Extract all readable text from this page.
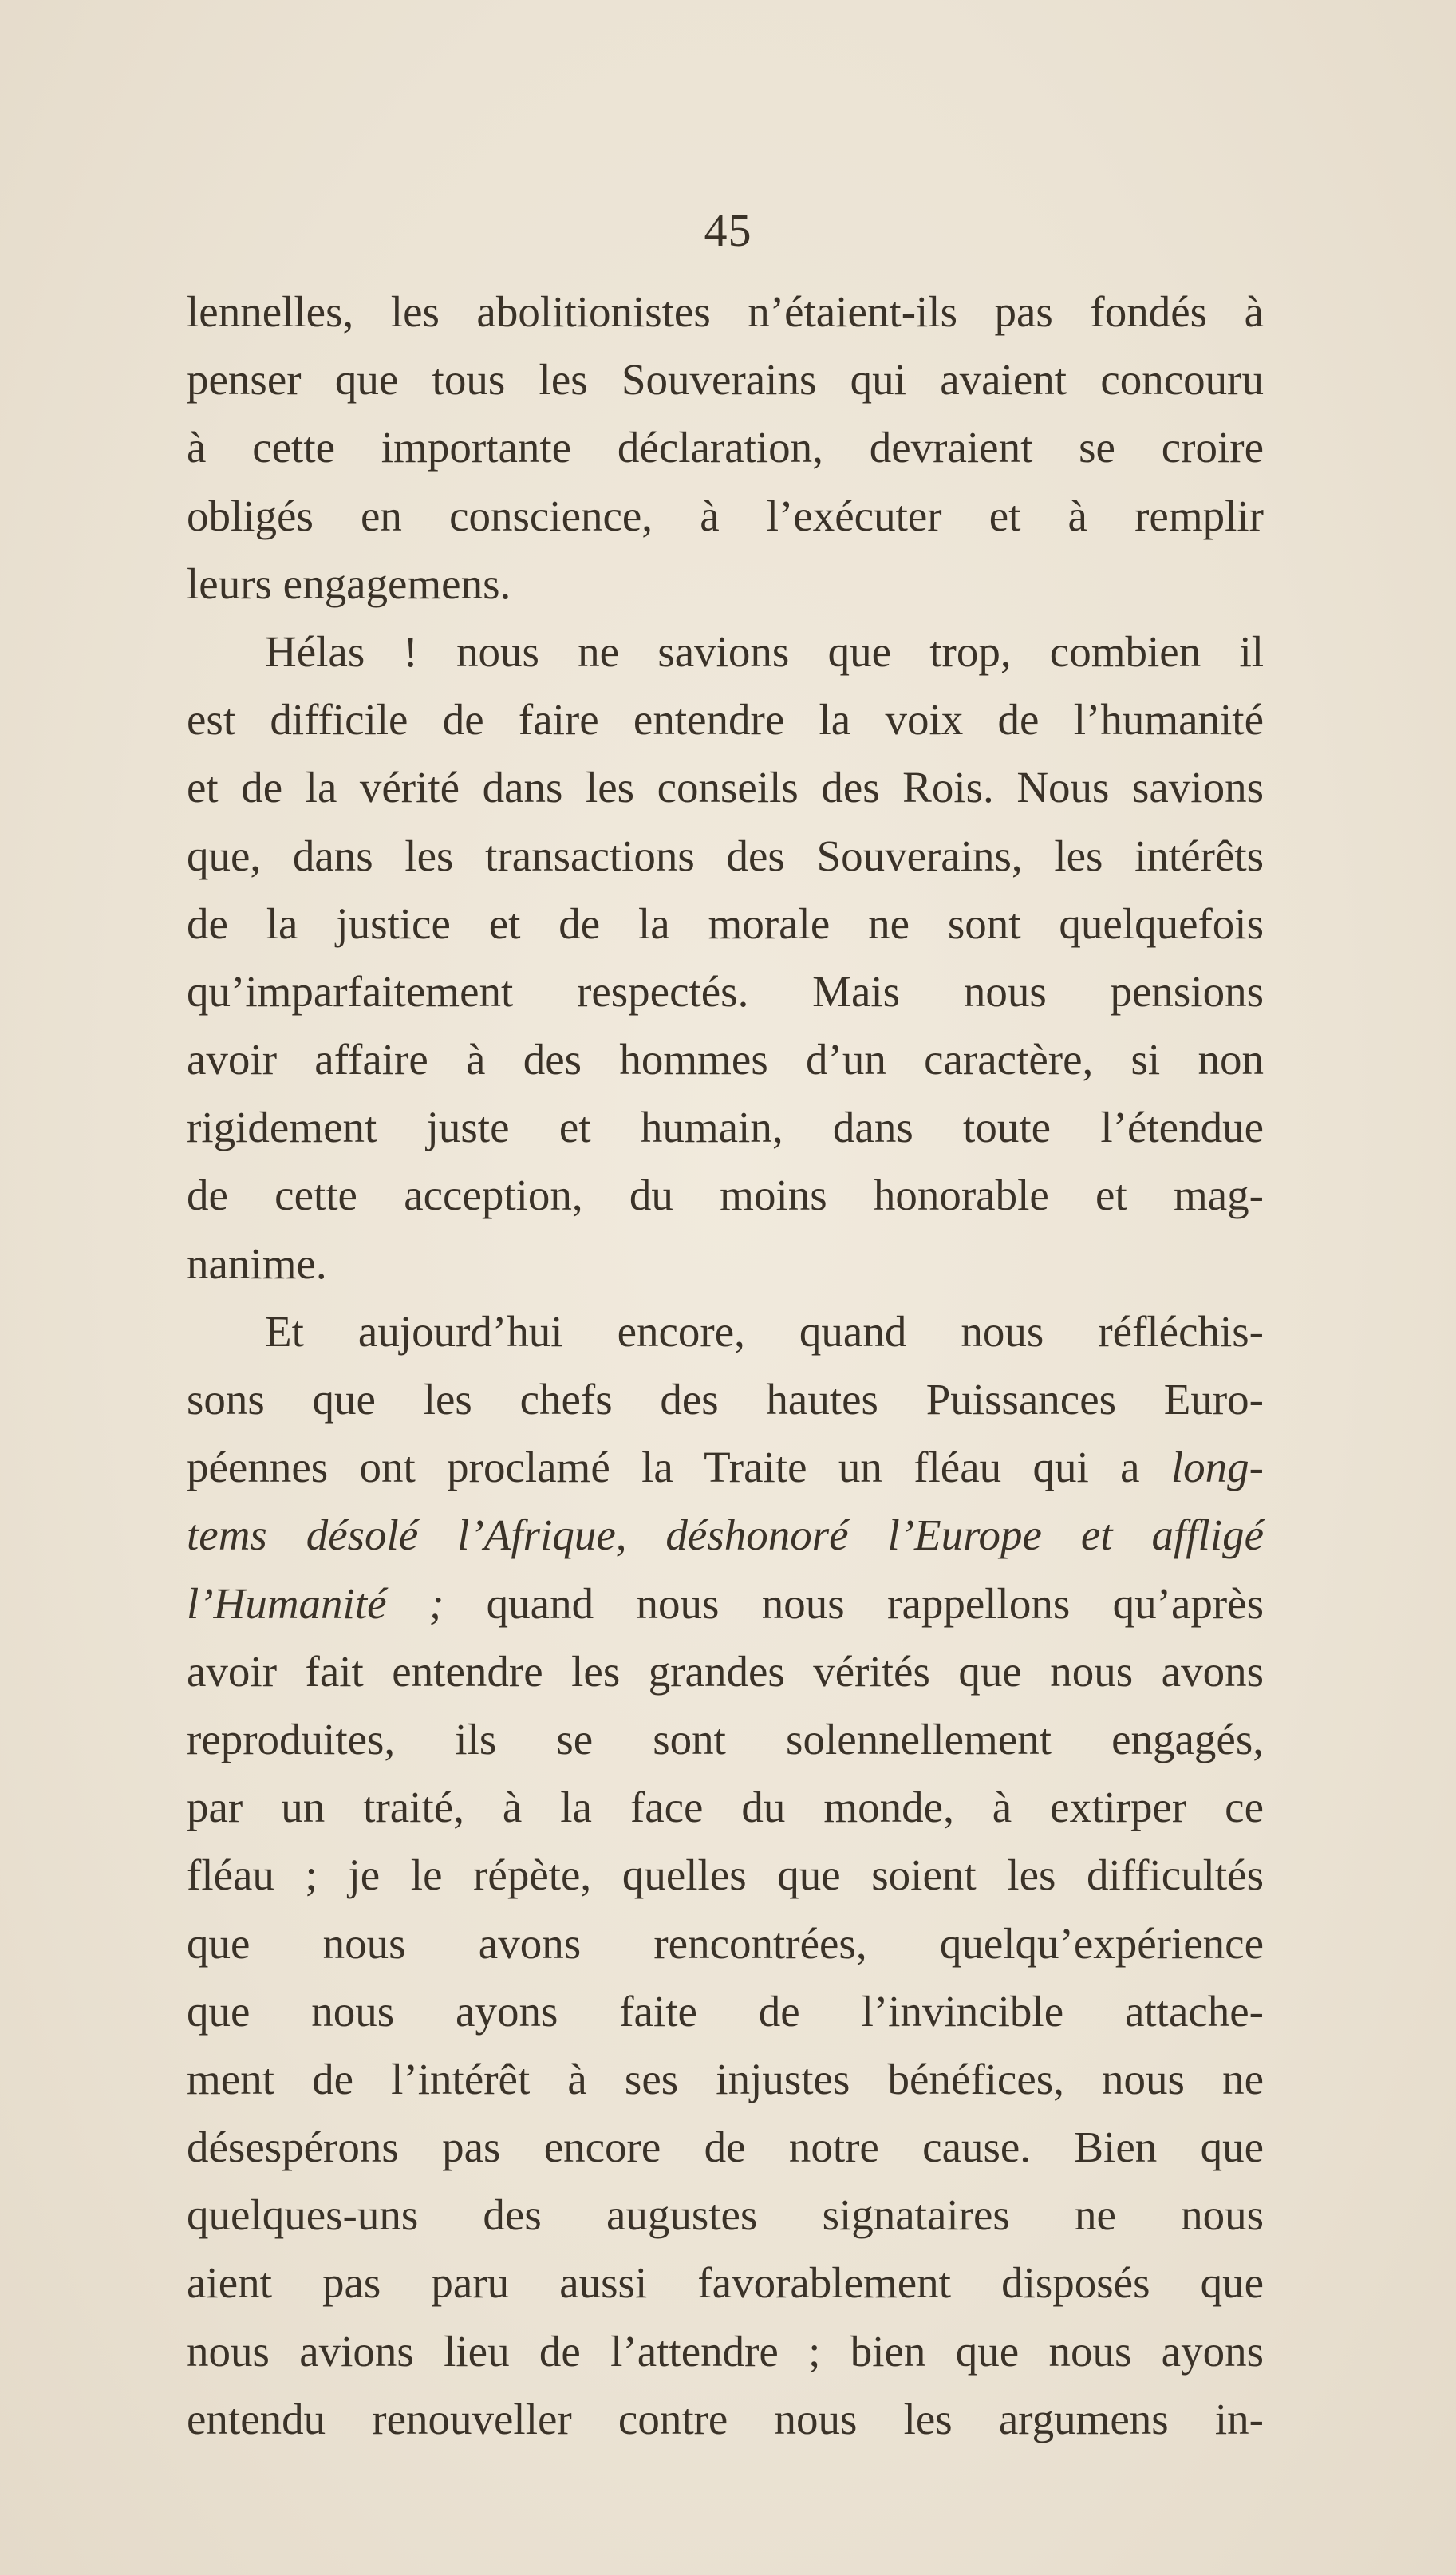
45
lennelles, les abolitionistes n’étaient-ils pas fondés à
penser que tous les Souverains qui avaient concouru
à cette importante déclaration, devraient se croire
obligés en conscience, à l’exécuter et à remplir
leurs engagemens.
Hélas ! nous ne savions que trop, combien il
est difficile de faire entendre la voix de l’humanité
et de la vérité dans les conseils des Rois. Nous savions
que, dans les transactions des Souverains, les intérêts
de la justice et de la morale ne sont quelquefois
qu’imparfaitement respectés. Mais nous pensions
avoir affaire à des hommes d’un caractère, si non
rigidement juste et humain, dans toute l’étendue
de cette acception, du moins honorable et mag-
nanime.
Et aujourd’hui encore, quand nous réfléchis-
sons que les chefs des hautes Puissances Euro-
péennes ont proclamé la Traite un fléau qui a long-
tems désolé l’Afrique, déshonoré l’Europe et affligé
l’Humanité ; quand nous nous rappellons qu’après
avoir fait entendre les grandes vérités que nous avons
reproduites, ils se sont solennellement engagés,
par un traité, à la face du monde, à extirper ce
fléau ; je le répète, quelles que soient les difficultés
que nous avons rencontrées, quelqu’expérience
que nous ayons faite de l’invincible attache-
ment de l’intérêt à ses injustes bénéfices, nous ne
désespérons pas encore de notre cause. Bien que
quelques-uns des augustes signataires ne nous
aient pas paru aussi favorablement disposés que
nous avions lieu de l’attendre ; bien que nous ayons
entendu renouveller contre nous les argumens in-
